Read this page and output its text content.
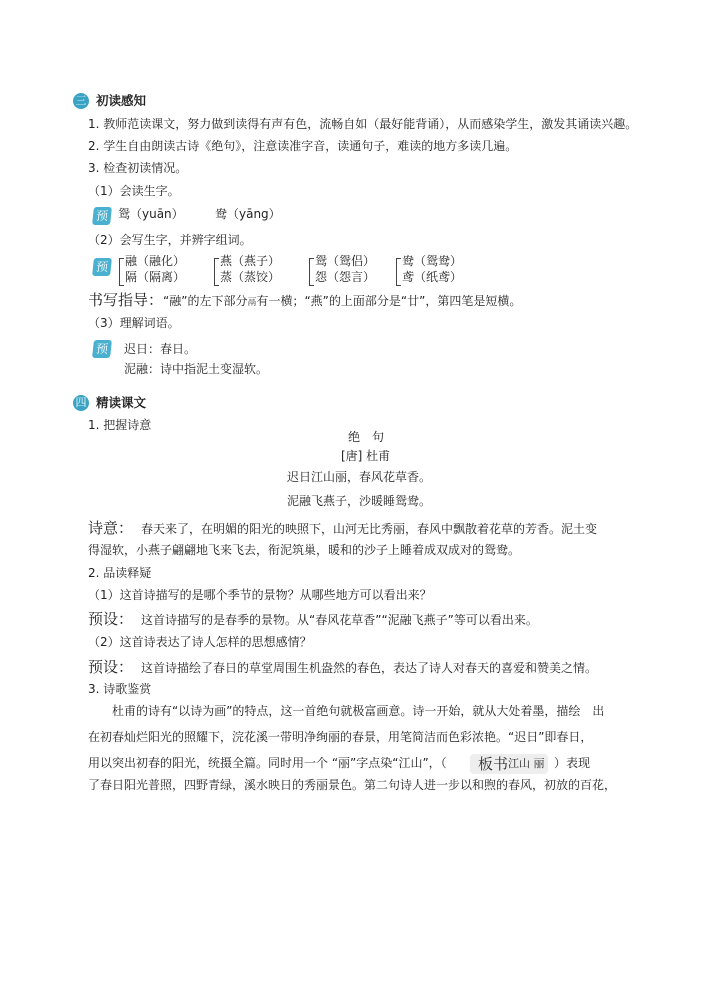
三 初读感知
1. 教师范读课文，努力做到读得有声有色，流畅自如（最好能背诵），从而感染学生，激发其诵读兴趣。
2. 学生自由朗读古诗《绝句》，注意读准字音，读通句子，难读的地方多读几遍。
3. 检查初读情况。
（1）会读生字。
预 鸳（yuān）	鸯（yāng）
（2）会写生字，并辨字组词。
预 融（融化）
隔（隔离）
燕（燕子）
蒸（蒸饺）
鸳（鸳侣）
怨（怨言）
鸯（鸳鸯）
鸢（纸鸢）
书写指导：“融”的左下部分鬲有一横；“燕”的上面部分是“廿”，第四笔是短横。
（3）理解词语。
预 迟日：春日。
泥融：诗中指泥土变湿软。
四 精读课文
1. 把握诗意
绝　句
[唐] 杜甫
迟日江山丽，春风花草香。
泥融飞燕子，沙暖睡鸳鸯。
诗意： 春天来了，在明媚的阳光的映照下，山河无比秀丽，春风中飘散着花草的芳香。泥土变
得湿软，小燕子翩翩地飞来飞去，衔泥筑巢，暖和的沙子上睡着成双成对的鸳鸯。
2. 品读释疑
（1）这首诗描写的是哪个季节的景物？从哪些地方可以看出来？
预设： 这首诗描写的是春季的景物。从“春风花草香”“泥融飞燕子”等可以看出来。
（2）这首诗表达了诗人怎样的思想感情？
预设： 这首诗描绘了春日的草堂周围生机盎然的春色，表达了诗人对春天的喜爱和赞美之情。
3. 诗歌鉴赏
杜甫的诗有“以诗为画”的特点，这一首绝句就极富画意。诗一开始，就从大处着墨，描绘　出
在初春灿烂阳光的照耀下，浣花溪一带明净绚丽的春景，用笔简洁而色彩浓艳。“迟日”即春日，
用以突出初春的阳光，统摄全篇。同时用一个 “丽”字点染“江山”，（ 板书 江山 丽 ）表现
了春日阳光普照，四野青绿，溪水映日的秀丽景色。第二句诗人进一步以和煦的春风，初放的百花，
